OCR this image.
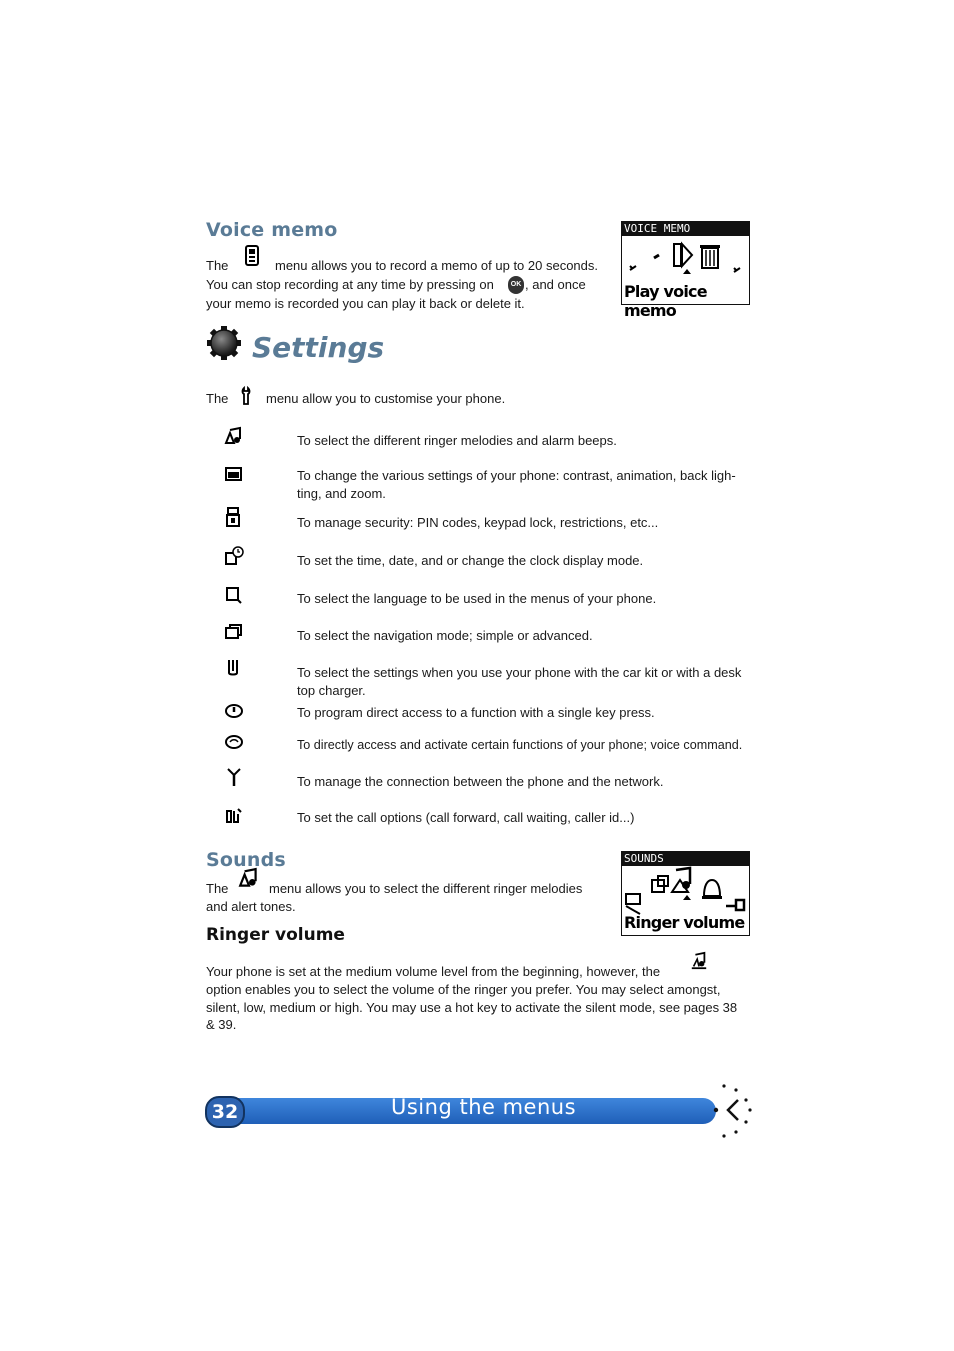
Voice memo
The	menu allows you to record a memo of up to 20 seconds.
You can stop recording at any time by pressing on	OK , and once
your memo is recorded you can play it back or delete it.
VOICE MEMO
Play voice memo
Settings
The	menu allow you to customise your phone.
To select the different ringer melodies and alarm beeps.
To change the various settings of your phone: contrast, animation, back ligh-ting, and zoom.
To manage security: PIN codes, keypad lock, restrictions, etc...
To set the time, date, and or change the clock display mode.
To select the language to be used in the menus of your phone.
To select the navigation mode; simple or advanced.
To select the settings when you use your phone with the car kit or with a desk top charger.
To program direct access to a function with a single key press.
To directly access and activate certain functions of your phone; voice command.
To manage the connection between the phone and the network.
To set the call options (call forward, call waiting, caller id...)
Sounds
The	menu allows you to select the different ringer melodies
and alert tones.
SOUNDS
Ringer volume
Ringer volume
Your phone is set at the medium volume level from the beginning, however, the
option enables you to select the volume of the ringer you prefer. You may select amongst,
silent, low, medium or high. You may use a hot key to activate the silent mode, see pages 38
& 39.
32	Using the menus
